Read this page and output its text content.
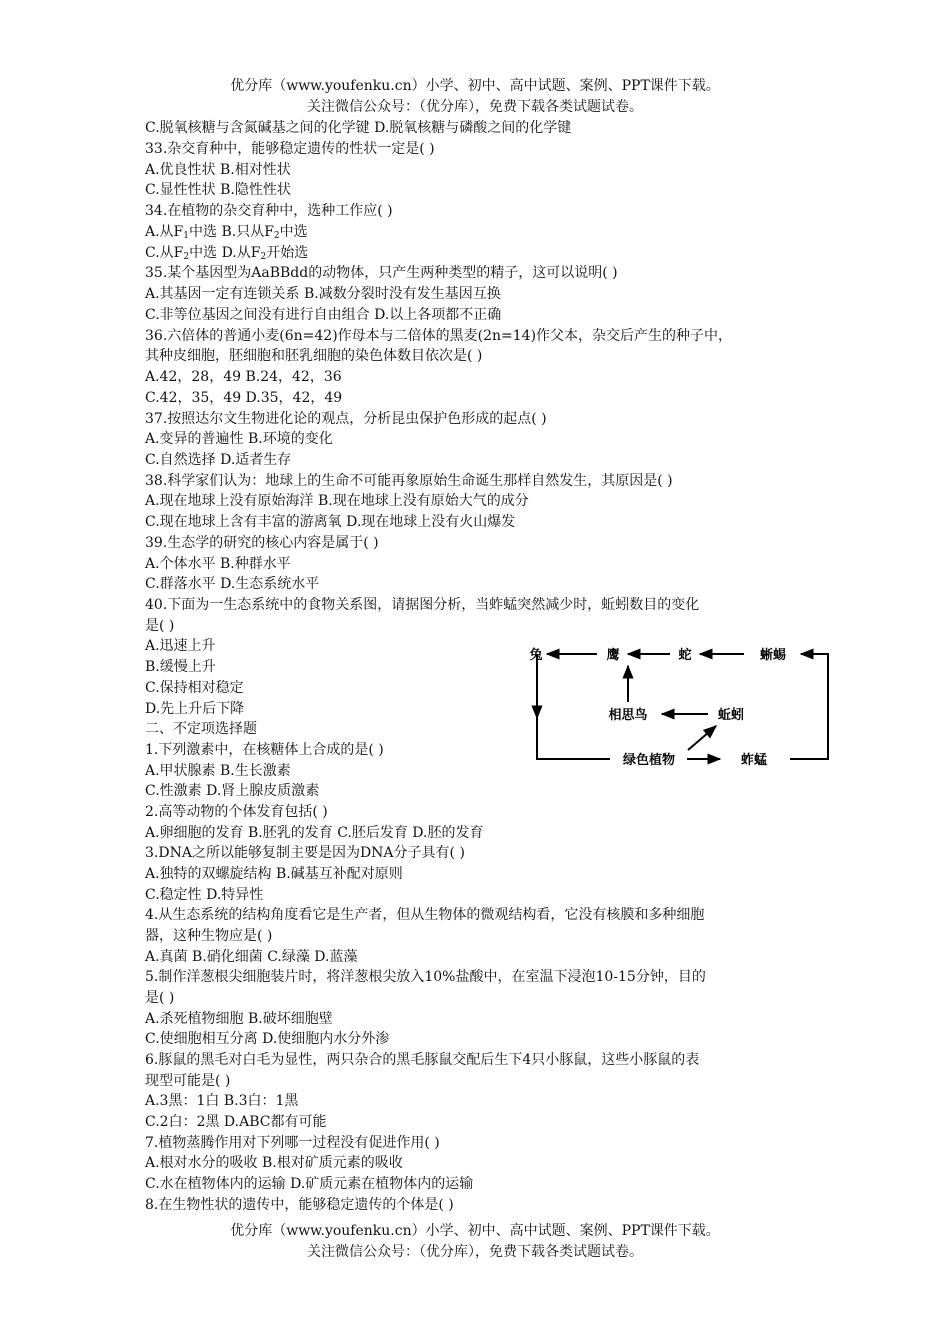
优分库（www.youfenku.cn）小学、初中、高中试题、案例、PPT课件下载。
关注微信公众号：（优分库），免费下载各类试题试卷。
C.脱氧核糖与含氮碱基之间的化学键 D.脱氧核糖与磷酸之间的化学键
33.杂交育种中，能够稳定遗传的性状一定是( )
A.优良性状 B.相对性状
C.显性性状 B.隐性性状
34.在植物的杂交育种中，选种工作应( )
A.从$F_1$中选 B.只从$F_2$中选
C.从$F_2$中选 D.从$F_2$开始选
35.某个基因型为AaBBdd的动物体，只产生两种类型的精子，这可以说明( )
A.其基因一定有连锁关系 B.减数分裂时没有发生基因互换
C.非等位基因之间没有进行自由组合 D.以上各项都不正确
36.六倍体的普通小麦(6n=42)作母本与二倍体的黑麦(2n=14)作父本，杂交后产生的种子中，
其种皮细胞，胚细胞和胚乳细胞的染色体数目依次是( )
A.42，28，49 B.24，42，36
C.42，35，49 D.35，42，49
37.按照达尔文生物进化论的观点，分析昆虫保护色形成的起点( )
A.变异的普遍性 B.环境的变化
C.自然选择 D.适者生存
38.科学家们认为：地球上的生命不可能再象原始生命诞生那样自然发生，其原因是( )
A.现在地球上没有原始海洋 B.现在地球上没有原始大气的成分
C.现在地球上含有丰富的游离氧 D.现在地球上没有火山爆发
39.生态学的研究的核心内容是属于( )
A.个体水平 B.种群水平
C.群落水平 D.生态系统水平
40.下面为一生态系统中的食物关系图，请据图分析，当蚱蜢突然减少时，蚯蚓数目的变化
是( )
A.迅速上升
B.缓慢上升
C.保持相对稳定
D.先上升后下降
二、不定项选择题
1.下列激素中，在核糖体上合成的是( )
A.甲状腺素 B.生长激素
C.性激素 D.肾上腺皮质激素
2.高等动物的个体发育包括( )
A.卵细胞的发育 B.胚乳的发育 C.胚后发育 D.胚的发育
3.DNA之所以能够复制主要是因为DNA分子具有( )
A.独特的双螺旋结构 B.碱基互补配对原则
C.稳定性 D.特异性
4.从生态系统的结构角度看它是生产者，但从生物体的微观结构看，它没有核膜和多种细胞
器，这种生物应是( )
A.真菌 B.硝化细菌 C.绿藻 D.蓝藻
5.制作洋葱根尖细胞装片时，将洋葱根尖放入10%盐酸中，在室温下浸泡10-15分钟，目的
是( )
A.杀死植物细胞 B.破坏细胞壁
C.使细胞相互分离 D.使细胞内水分外渗
6.豚鼠的黑毛对白毛为显性，两只杂合的黑毛豚鼠交配后生下4只小豚鼠，这些小豚鼠的表
现型可能是( )
A.3黑：1白 B.3白：1黑
C.2白：2黑 D.ABC都有可能
7.植物蒸腾作用对下列哪一过程没有促进作用( )
A.根对水分的吸收 B.根对矿质元素的吸收
C.水在植物体内的运输 D.矿质元素在植物体内的运输
8.在生物性状的遗传中，能够稳定遗传的个体是( )
兔	鹰	蛇	蜥蜴
相思鸟	蚯蚓
绿色植物	蚱蜢
优分库（www.youfenku.cn）小学、初中、高中试题、案例、PPT课件下载。
关注微信公众号：（优分库），免费下载各类试题试卷。
